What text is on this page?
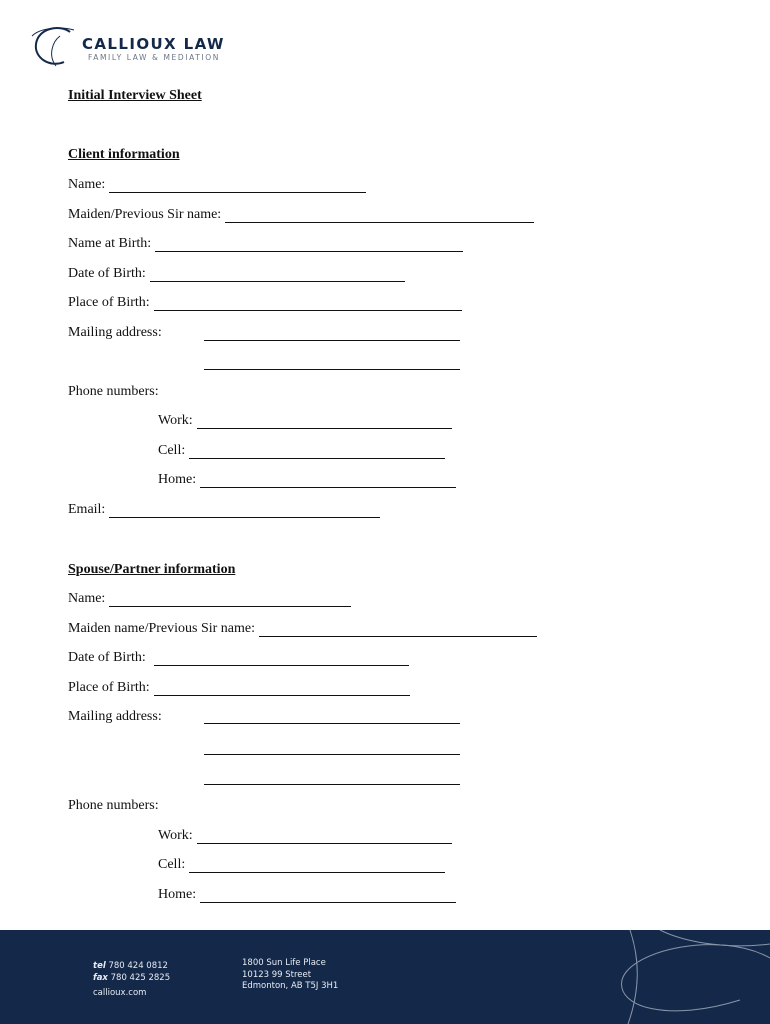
CALLIOUX LAW
FAMILY LAW & MEDIATION
Initial Interview Sheet
Client information
Name:
Maiden/Previous Sir name:
Name at Birth:
Date of Birth:
Place of Birth:
Mailing address:
Phone numbers:
Work:
Cell:
Home:
Email:
Spouse/Partner information
Name:
Maiden name/Previous Sir name:
Date of Birth:
Place of Birth:
Mailing address:
Phone numbers:
Work:
Cell:
Home:
tel 780 424 0812
fax 780 425 2825
callioux.com
1800 Sun Life Place
10123 99 Street
Edmonton, AB T5J 3H1
